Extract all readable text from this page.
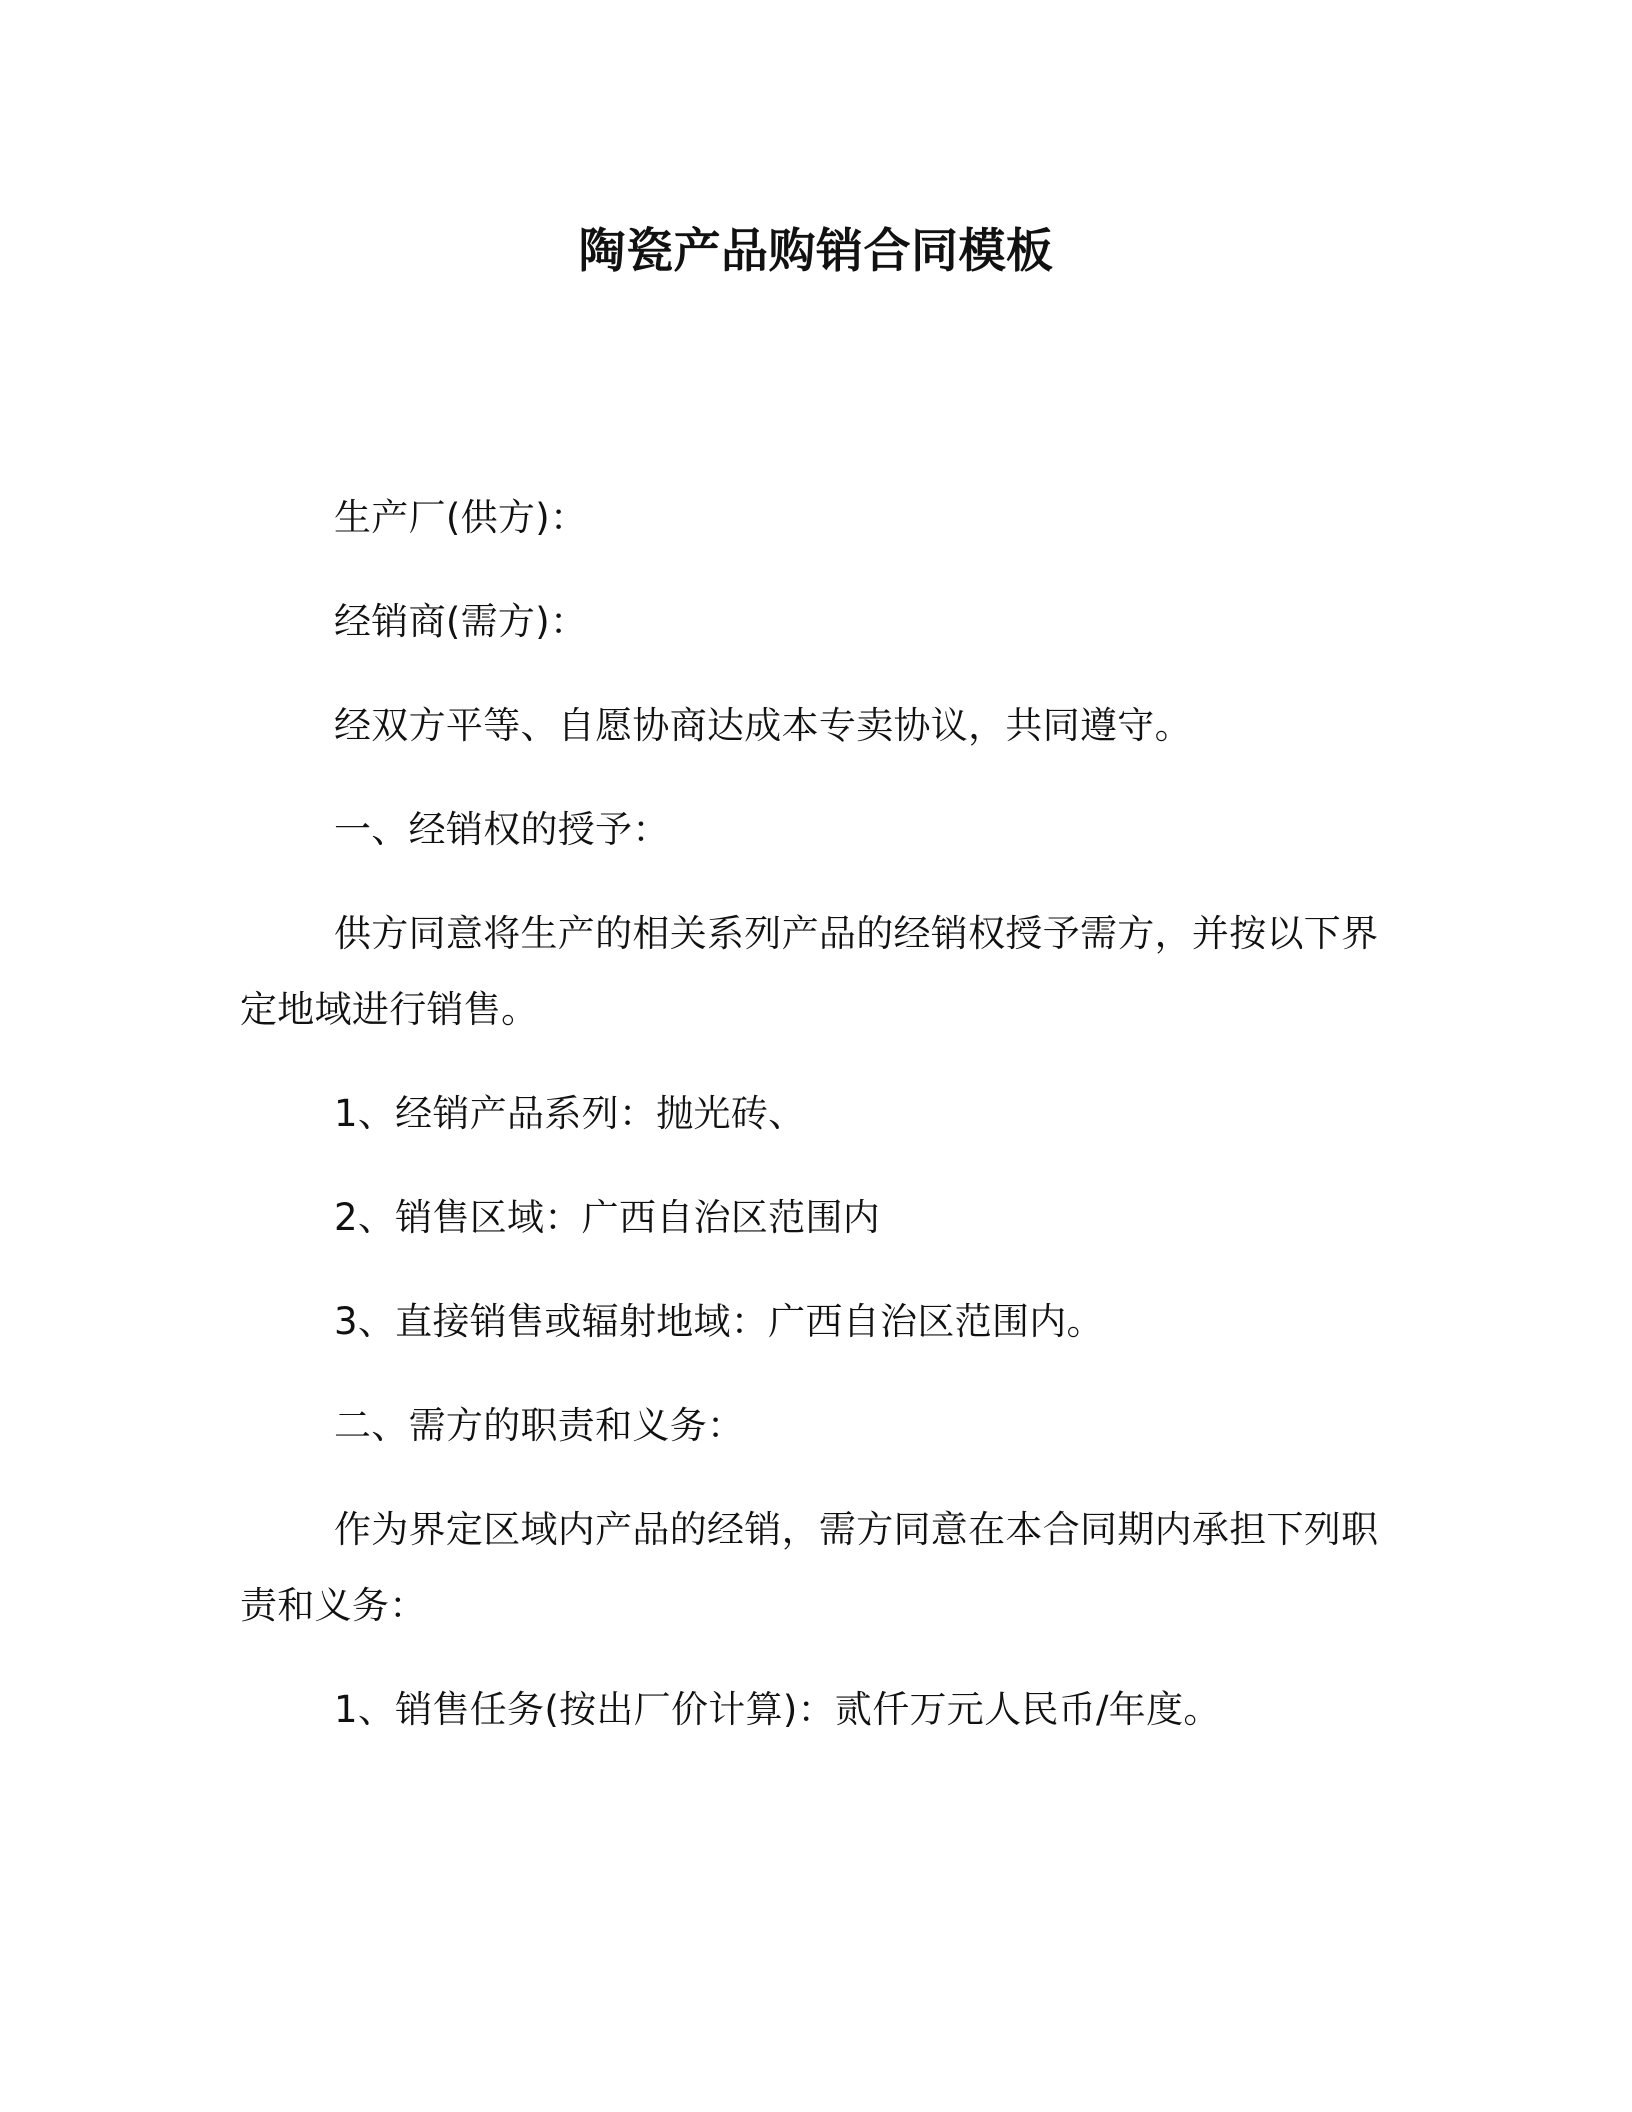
陶瓷产品购销合同模板

生产厂(供方)：

经销商(需方)：

经双方平等、自愿协商达成本专卖协议，共同遵守。

一、经销权的授予：

供方同意将生产的相关系列产品的经销权授予需方，并按以下界定地域进行销售。

1、经销产品系列：抛光砖、

2、销售区域：广西自治区范围内

3、直接销售或辐射地域：广西自治区范围内。

二、需方的职责和义务：

作为界定区域内产品的经销，需方同意在本合同期内承担下列职责和义务：

1、销售任务(按出厂价计算)：贰仟万元人民币/年度。
